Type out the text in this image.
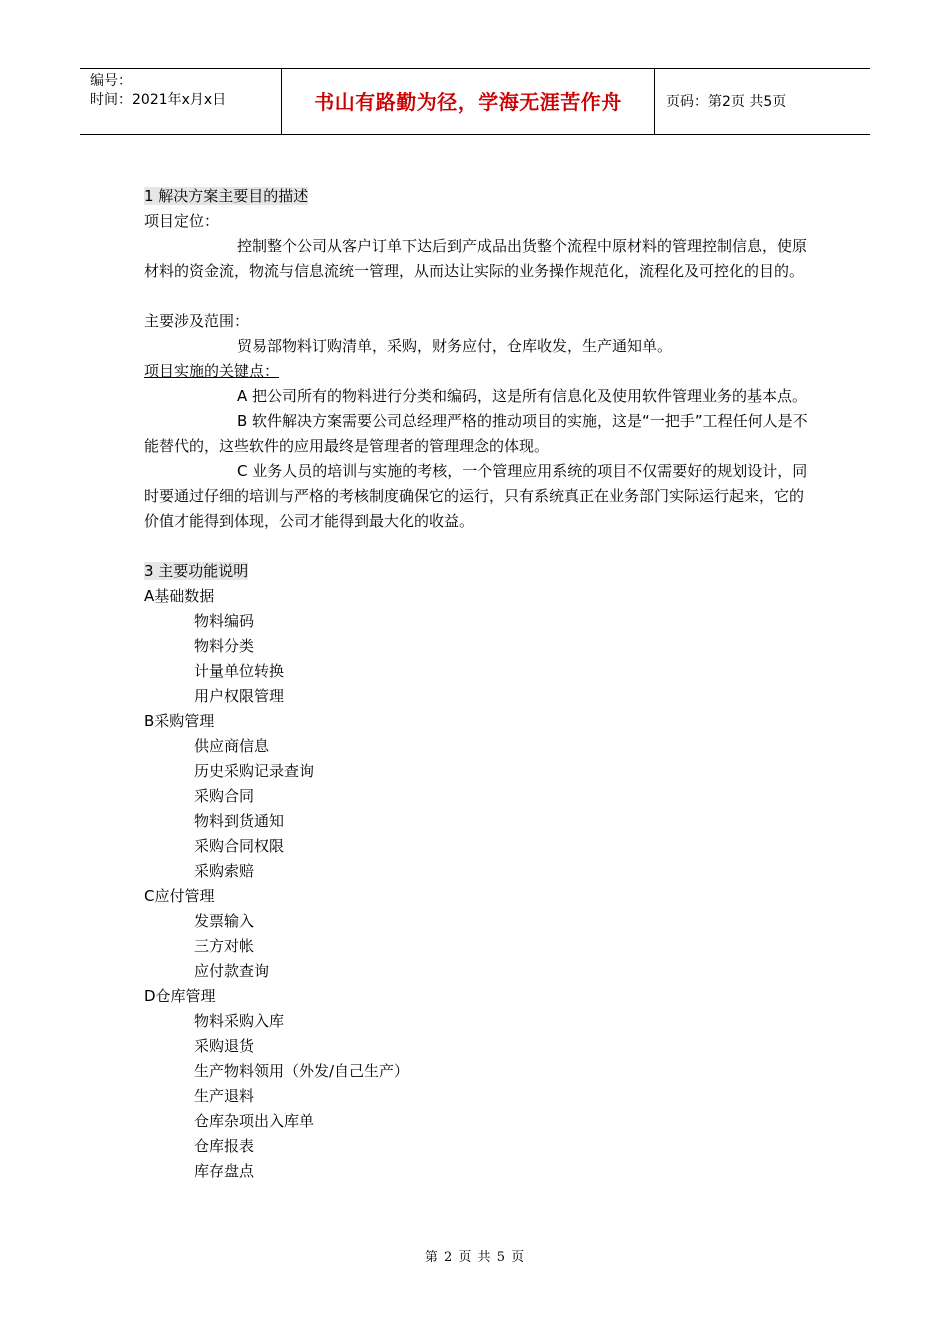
编号：
时间：2021年x月x日	书山有路勤为径，学海无涯苦作舟	页码：第2页 共5页

1 解决方案主要目的描述

项目定位：

控制整个公司从客户订单下达后到产成品出货整个流程中原材料的管理控制信息，使原材料的资金流，物流与信息流统一管理，从而达让实际的业务操作规范化，流程化及可控化的目的。

主要涉及范围：

贸易部物料订购清单，采购，财务应付，仓库收发，生产通知单。

项目实施的关键点：

A 把公司所有的物料进行分类和编码，这是所有信息化及使用软件管理业务的基本点。

B 软件解决方案需要公司总经理严格的推动项目的实施，这是“一把手”工程任何人是不能替代的，这些软件的应用最终是管理者的管理理念的体现。

C 业务人员的培训与实施的考核，一个管理应用系统的项目不仅需要好的规划设计，同时要通过仔细的培训与严格的考核制度确保它的运行，只有系统真正在业务部门实际运行起来，它的价值才能得到体现，公司才能得到最大化的收益。

3 主要功能说明

A基础数据

物料编码

物料分类

计量单位转换

用户权限管理

B采购管理

供应商信息

历史采购记录查询

采购合同

物料到货通知

采购合同权限

采购索赔

C应付管理

发票输入

三方对帐

应付款查询

D仓库管理

物料采购入库

采购退货

生产物料领用（外发/自己生产）

生产退料

仓库杂项出入库单

仓库报表

库存盘点

第 2 页 共 5 页
